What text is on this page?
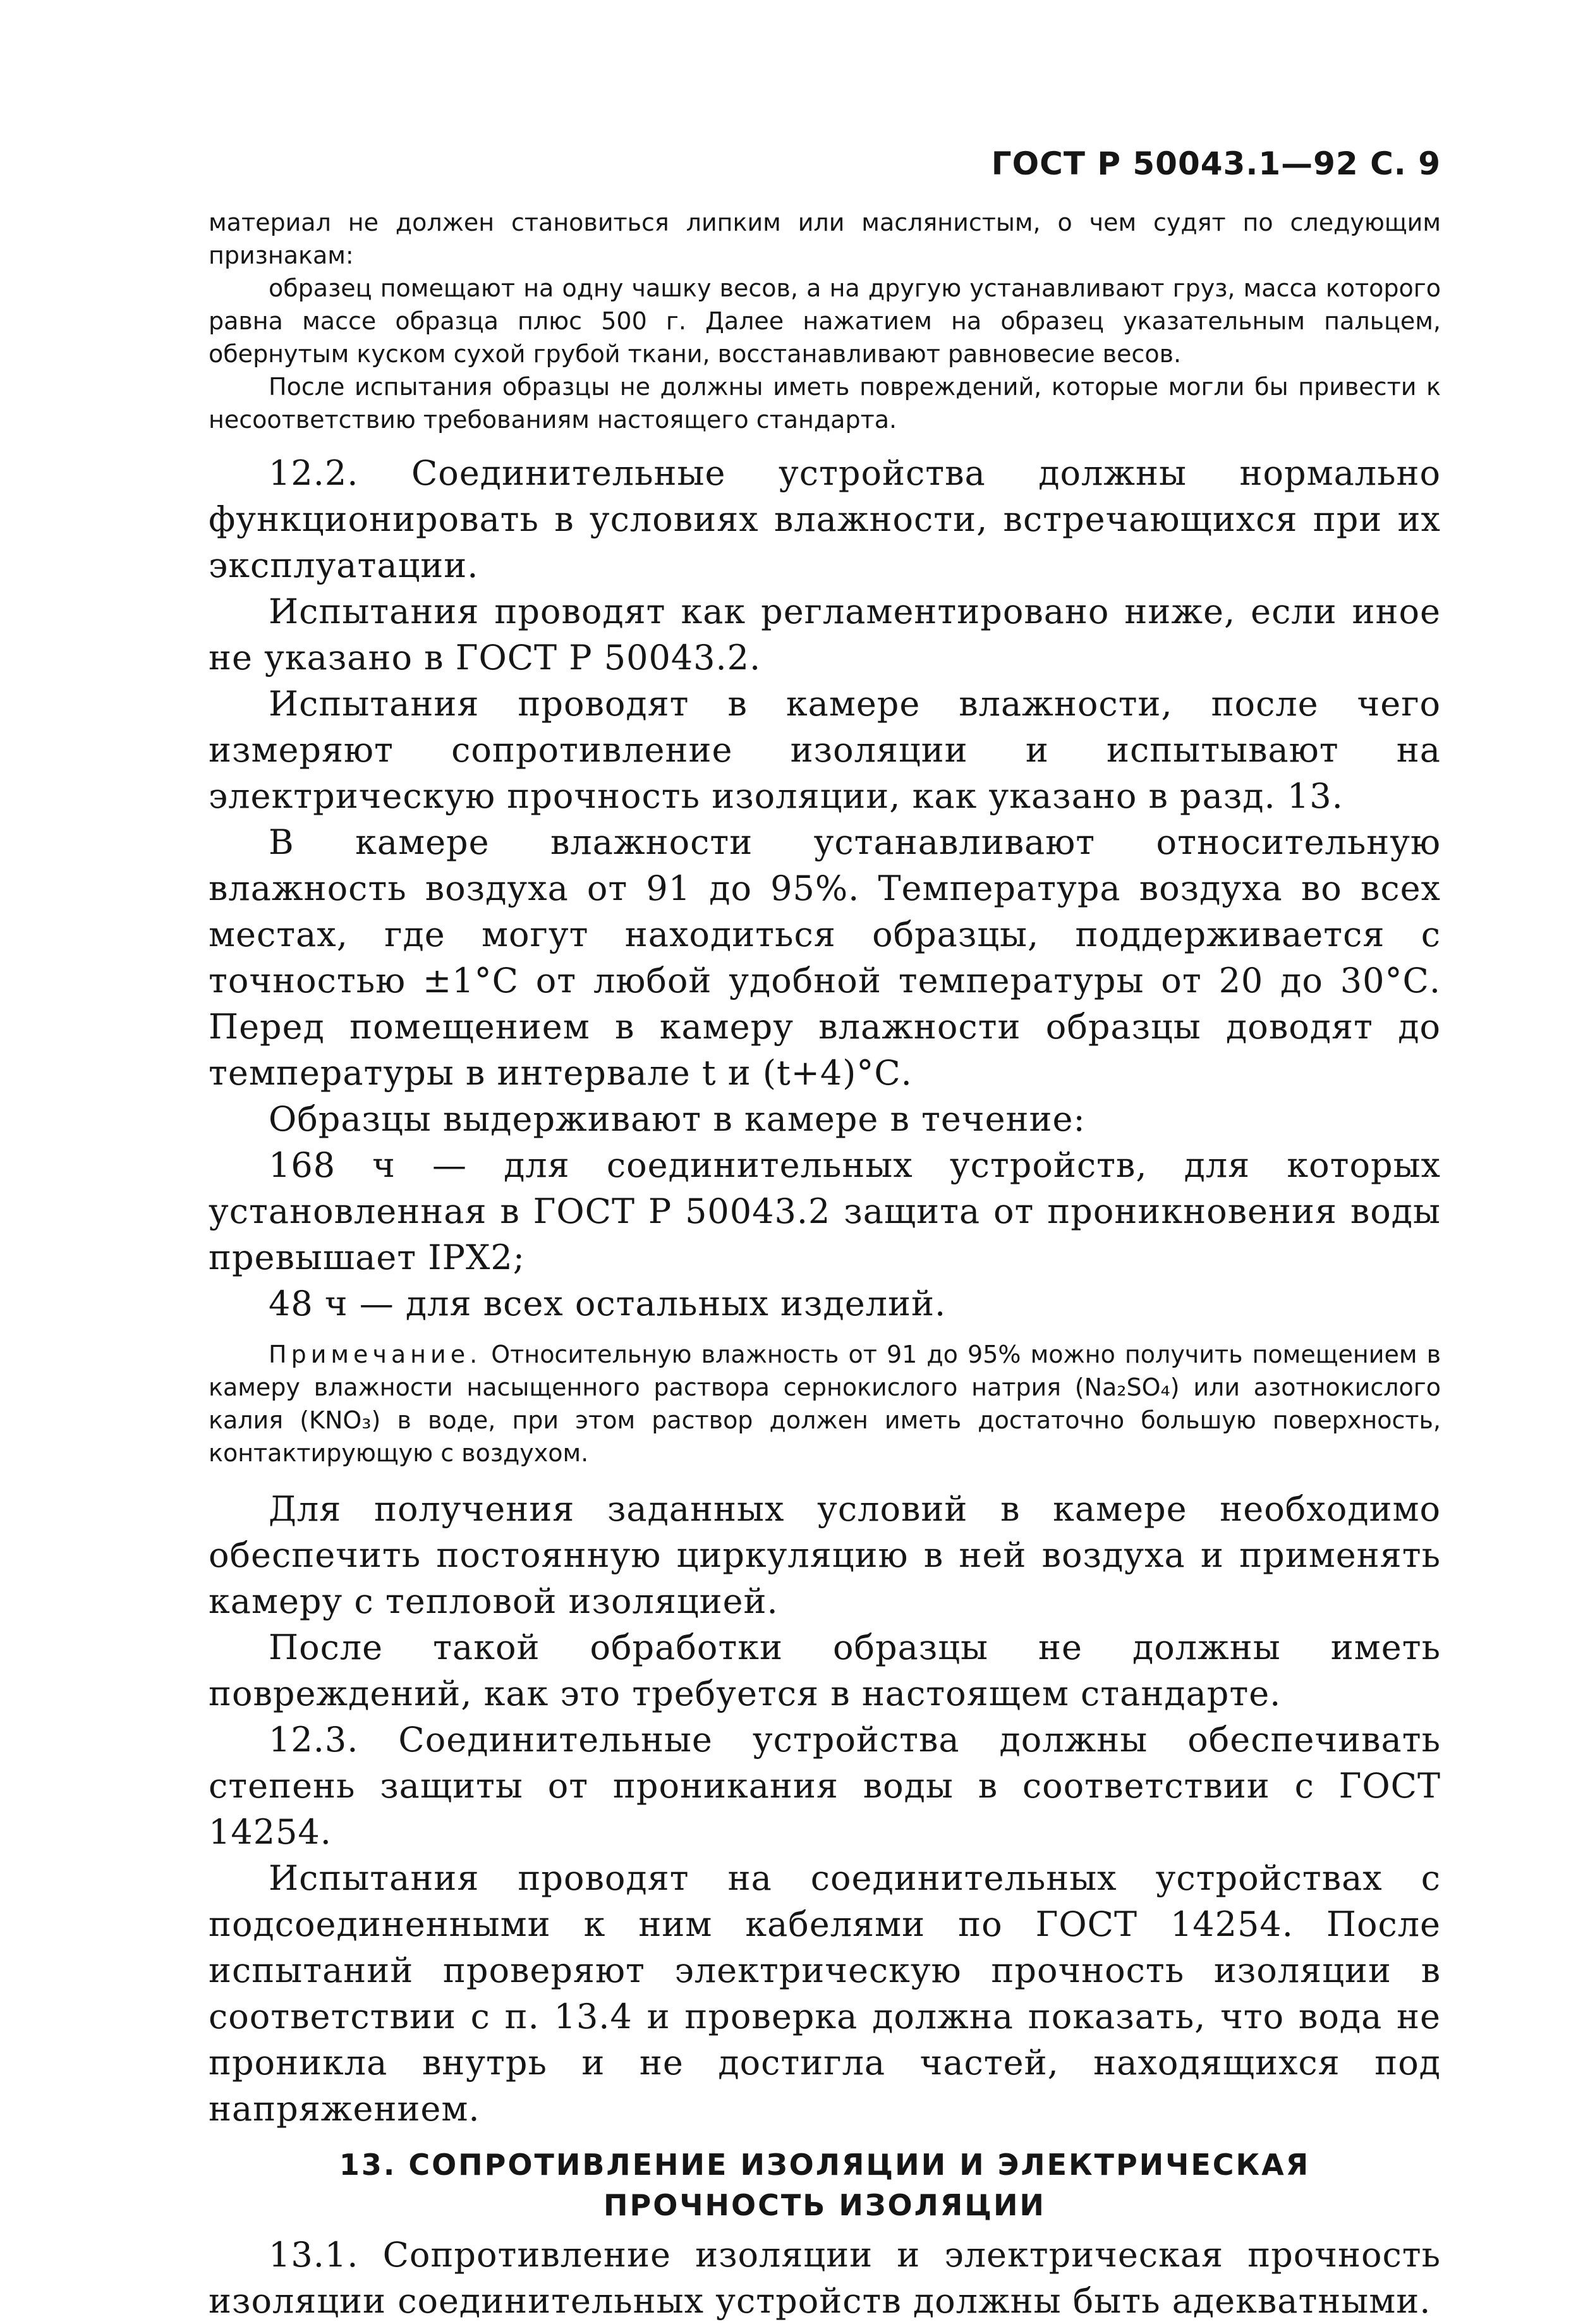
ГОСТ Р 50043.1—92 С. 9

материал не должен становиться липким или маслянистым, о чем судят по следующим признакам:

образец помещают на одну чашку весов, а на другую устанавливают груз, масса которого равна массе образца плюс 500 г. Далее нажатием на образец указательным пальцем, обернутым куском сухой грубой ткани, восстанавливают равновесие весов.

После испытания образцы не должны иметь повреждений, которые могли бы привести к несоответствию требованиям настоящего стандарта.

12.2. Соединительные устройства должны нормально функционировать в условиях влажности, встречающихся при их эксплуатации.

Испытания проводят как регламентировано ниже, если иное не указано в ГОСТ Р 50043.2.

Испытания проводят в камере влажности, после чего измеряют сопротивление изоляции и испытывают на электрическую прочность изоляции, как указано в разд. 13.

В камере влажности устанавливают относительную влажность воздуха от 91 до 95%. Температура воздуха во всех местах, где могут находиться образцы, поддерживается с точностью ±1°С от любой удобной температуры от 20 до 30°С. Перед помещением в камеру влажности образцы доводят до температуры в интервале t и (t+4)°С.

Образцы выдерживают в камере в течение:

168 ч — для соединительных устройств, для которых установленная в ГОСТ Р 50043.2 защита от проникновения воды превышает IPX2;

48 ч — для всех остальных изделий.

Примечание. Относительную влажность от 91 до 95% можно получить помещением в камеру влажности насыщенного раствора сернокислого натрия (Na₂SO₄) или азотнокислого калия (KNO₃) в воде, при этом раствор должен иметь достаточно большую поверхность, контактирующую с воздухом.

Для получения заданных условий в камере необходимо обеспечить постоянную циркуляцию в ней воздуха и применять камеру с тепловой изоляцией.

После такой обработки образцы не должны иметь повреждений, как это требуется в настоящем стандарте.

12.3. Соединительные устройства должны обеспечивать степень защиты от проникания воды в соответствии с ГОСТ 14254.

Испытания проводят на соединительных устройствах с подсоединенными к ним кабелями по ГОСТ 14254. После испытаний проверяют электрическую прочность изоляции в соответствии с п. 13.4 и проверка должна показать, что вода не проникла внутрь и не достигла частей, находящихся под напряжением.

13. СОПРОТИВЛЕНИЕ ИЗОЛЯЦИИ И ЭЛЕКТРИЧЕСКАЯ
ПРОЧНОСТЬ ИЗОЛЯЦИИ

13.1. Сопротивление изоляции и электрическая прочность изоляции соединительных устройств должны быть адекватными.
